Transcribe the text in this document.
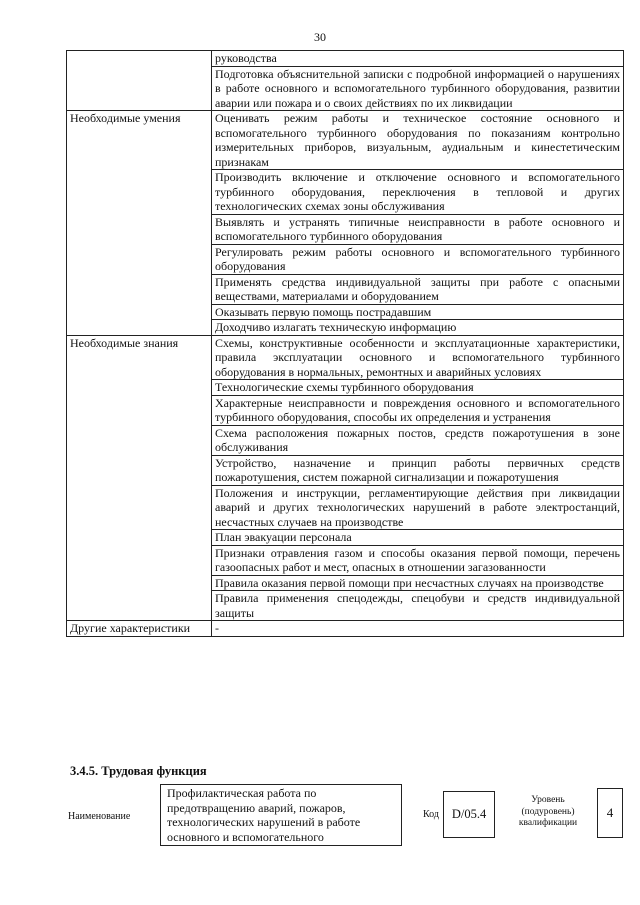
30
	руководства
	Подготовка объяснительной записки с подробной информацией о нарушениях в работе основного и вспомогательного турбинного оборудования, развитии аварии или пожара и о своих действиях по их ликвидации
Необходимые умения	Оценивать режим работы и техническое состояние основного и вспомогательного турбинного оборудования по показаниям контрольно измерительных приборов, визуальным, аудиальным и кинестетическим признакам
	Производить включение и отключение основного и вспомогательного турбинного оборудования, переключения в тепловой и других технологических схемах зоны обслуживания
	Выявлять и устранять типичные неисправности в работе основного и вспомогательного турбинного оборудования
	Регулировать режим работы основного и вспомогательного турбинного оборудования
	Применять средства индивидуальной защиты при работе с опасными веществами, материалами и оборудованием
	Оказывать первую помощь пострадавшим
	Доходчиво излагать техническую информацию
Необходимые знания	Схемы, конструктивные особенности и эксплуатационные характеристики, правила эксплуатации основного и вспомогательного турбинного оборудования в нормальных, ремонтных и аварийных условиях
	Технологические схемы турбинного оборудования
	Характерные неисправности и повреждения основного и вспомогательного турбинного оборудования, способы их определения и устранения
	Схема расположения пожарных постов, средств пожаротушения в зоне обслуживания
	Устройство, назначение и принцип работы первичных средств пожаротушения, систем пожарной сигнализации и пожаротушения
	Положения и инструкции, регламентирующие действия при ликвидации аварий и других технологических нарушений в работе электростанций, несчастных случаев на производстве
	План эвакуации персонала
	Признаки отравления газом и способы оказания первой помощи, перечень газоопасных работ и мест, опасных в отношении загазованности
	Правила оказания первой помощи при несчастных случаях на производстве
	Правила применения спецодежды, спецобуви и средств индивидуальной защиты
Другие характеристики	-
3.4.5. Трудовая функция
Наименование
Профилактическая работа по предотвращению аварий, пожаров, технологических нарушений в работе основного и вспомогательного
Код	D/05.4
Уровень (подуровень) квалификации
4
